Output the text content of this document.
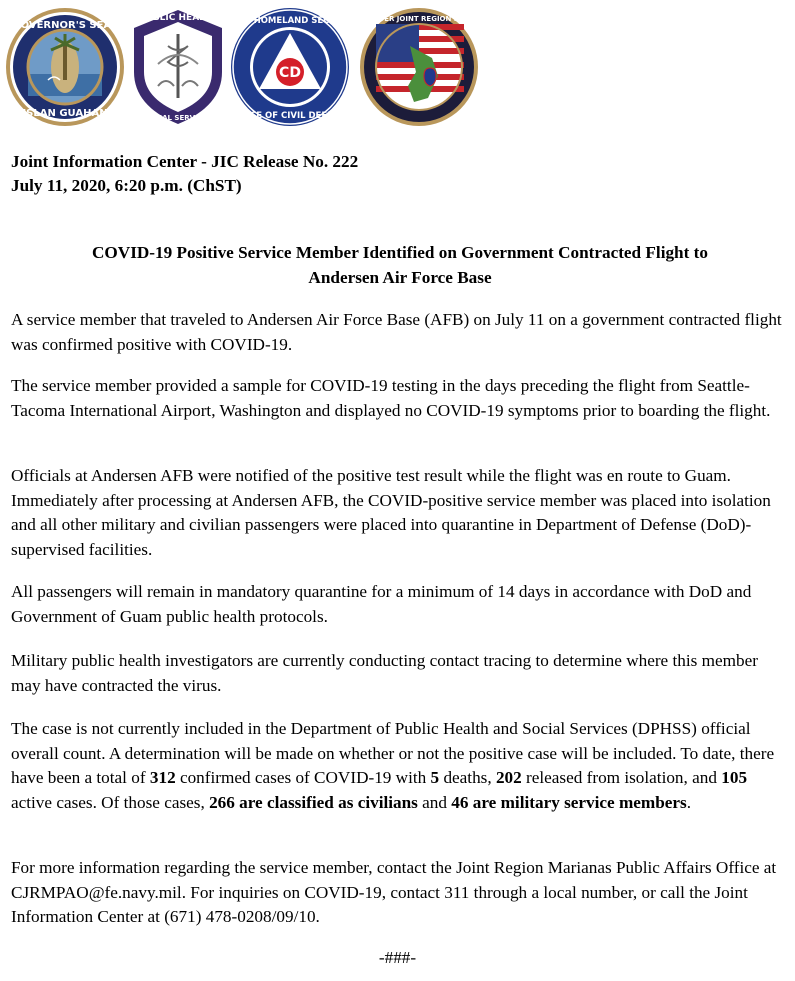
GOVERNOR'S SEAL
ISLAN GUAHAN
PUBLIC HEALTH
SOCIAL SERVICES
CD
GUAM HOMELAND SECURITY
OFFICE OF CIVIL DEFENSE
COMMANDER JOINT REGION MARIANAS
Joint Information Center - JIC Release No. 222
July 11, 2020, 6:20 p.m. (ChST)
COVID-19 Positive Service Member Identified on Government Contracted Flight to
Andersen Air Force Base
A service member that traveled to Andersen Air Force Base (AFB) on July 11 on a government contracted flight was confirmed positive with COVID-19.
The service member provided a sample for COVID-19 testing in the days preceding the flight from Seattle-Tacoma International Airport, Washington and displayed no COVID-19 symptoms prior to boarding the flight.
Officials at Andersen AFB were notified of the positive test result while the flight was en route to Guam. Immediately after processing at Andersen AFB, the COVID-positive service member was placed into isolation and all other military and civilian passengers were placed into quarantine in Department of Defense (DoD)-supervised facilities.
All passengers will remain in mandatory quarantine for a minimum of 14 days in accordance with DoD and Government of Guam public health protocols.
Military public health investigators are currently conducting contact tracing to determine where this member may have contracted the virus.
The case is not currently included in the Department of Public Health and Social Services (DPHSS) official overall count. A determination will be made on whether or not the positive case will be included. To date, there have been a total of 312 confirmed cases of COVID-19 with 5 deaths, 202 released from isolation, and 105 active cases. Of those cases, 266 are classified as civilians and 46 are military service members.
For more information regarding the service member, contact the Joint Region Marianas Public Affairs Office at CJRMPAO@fe.navy.mil. For inquiries on COVID-19, contact 311 through a local number, or call the Joint Information Center at (671) 478-0208/09/10.
-###-
